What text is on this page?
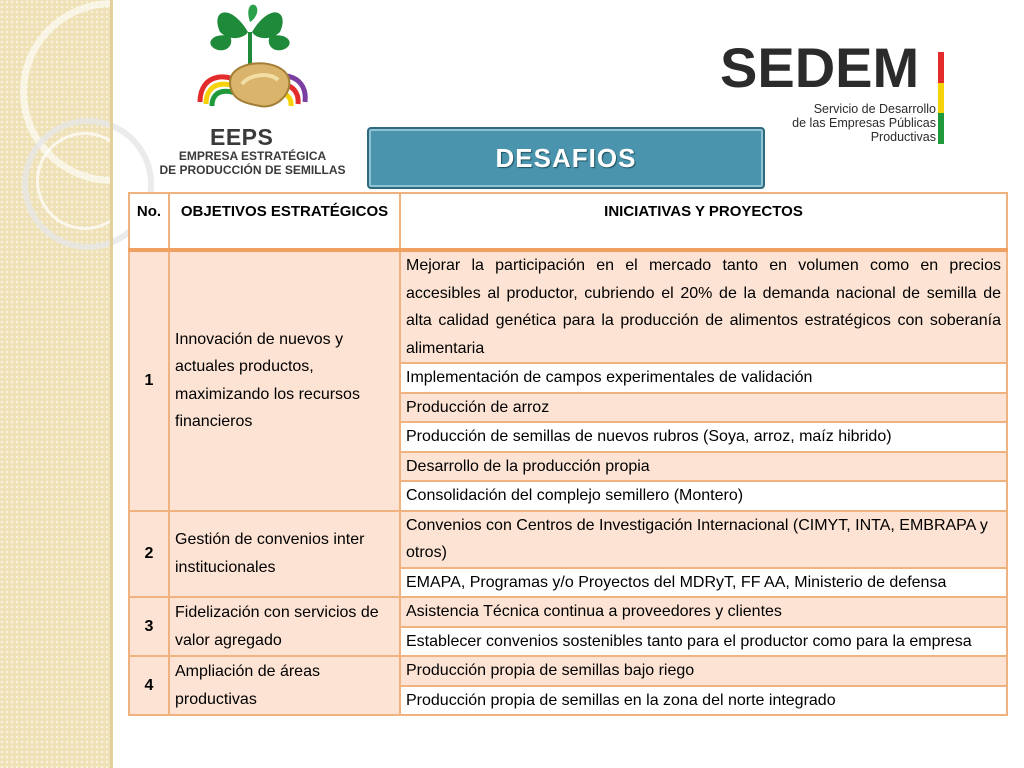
EEPS
EMPRESA ESTRATÉGICA
DE PRODUCCIÓN DE SEMILLAS
SEDEM
Servicio de Desarrollo
de las Empresas Públicas
Productivas
DESAFIOS
No.	OBJETIVOS ESTRATÉGICOS	INICIATIVAS Y PROYECTOS
1	Innovación de nuevos y actuales productos, maximizando los recursos financieros	Mejorar la participación en el mercado tanto en volumen como en precios accesibles al productor, cubriendo el 20% de la demanda nacional de semilla de alta calidad genética para la producción de alimentos estratégicos con soberanía alimentaria
		Implementación de campos experimentales de validación
		Producción de arroz
		Producción de semillas de nuevos rubros (Soya, arroz, maíz hibrido)
		Desarrollo de la producción propia
		Consolidación del complejo semillero (Montero)
2	Gestión de convenios inter institucionales	Convenios con Centros de Investigación Internacional (CIMYT, INTA, EMBRAPA y otros)
		EMAPA, Programas y/o Proyectos del MDRyT, FF AA, Ministerio de defensa
3	Fidelización con servicios de valor agregado	Asistencia Técnica continua a proveedores y clientes
		Establecer convenios sostenibles tanto para el productor como para la empresa
4	Ampliación de áreas productivas	Producción propia de semillas bajo riego
		Producción propia de semillas en la zona del norte integrado
